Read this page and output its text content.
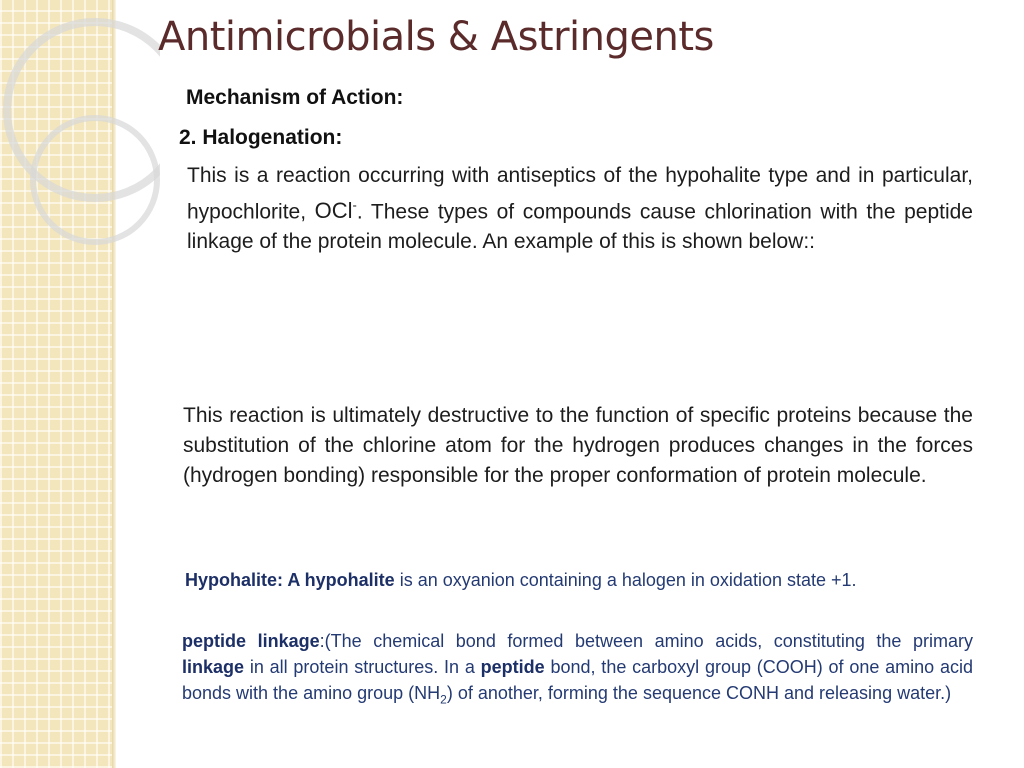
Antimicrobials & Astringents
Mechanism of Action:
2. Halogenation:
This is a reaction occurring with antiseptics of the hypohalite type and in particular, hypochlorite, OCl-. These types of compounds cause chlorination with the peptide linkage of the protein molecule. An example of this is shown below::
This reaction is ultimately destructive to the function of specific proteins because the substitution of the chlorine atom for the hydrogen produces changes in the forces (hydrogen bonding) responsible for the proper conformation of protein molecule.
Hypohalite: A hypohalite is an oxyanion containing a halogen in oxidation state +1.
peptide linkage:(The chemical bond formed between amino acids, constituting the primary linkage in all protein structures. In a peptide bond, the carboxyl group (COOH) of one amino acid bonds with the amino group $(NH_2)$ of another, forming the sequence CONH and releasing water.)
